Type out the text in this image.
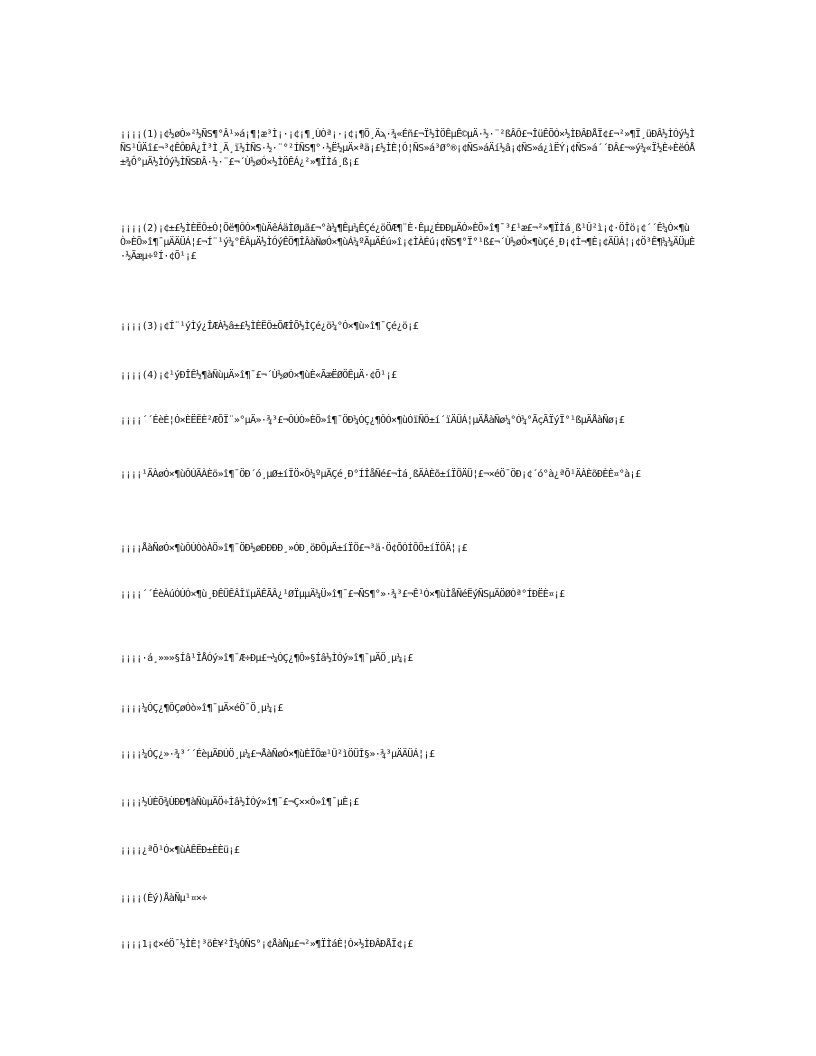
¡¡¡¡(1)¡¢½øÒ»²½ÑS¶°Â¹»á¡¶¦æ³Ì¡·¡¢¡¶¸ÙÒª¡·¡¢¡¶Ö¸Äϡ·¾«Éñ£¬Ï½ÌÖÊµÊ©µÄ·½·¨²ßÂÔ£¬ÎüÊÕÓ×½ÌÐÂÐÅÏ¢£¬²»¶Ï¸üÐÂ½ÌÓý½ÌÑS¹ÛÄî£¬³¢ÊÔÐÂ¿Î³Ì¸Ä¸ï½ÌÑS·½·¨°²ÍÑS¶°·½Ë½µÄ×ªä¡£½ÌÈ¦Ó¦ÑS»á³Ø°®¡¢ÑS»áÄí½â¡¢ÑS»á¿ìËÝ¡¢ÑS»á´´ÐÂ£¬»ý¼«Ï½È÷ÈëÓÅ±¾Ô°µÄ½ÌÓý½ÌÑSÐÂ·½·¨£¬´Ù½øÓ×½ÌÖÊÁ¿²»¶ÏÌá¸ß¡£

¡¡¡¡(2)¡¢±£½ÌÈËÔ±Ó¦Õë¶ÔÓ×¶ùÄêÁäÌØµã£¬°à¼¶Êµ¼ÊÇé¿öÖÆ¶¨È·Êµ¿ÉÐÐµÄÒ»ÈÕ»î¶¯³£¹æ£¬²»¶ÏÌá¸ß¹Û²ì¡¢·ÖÎö¡¢´´Ê¼Ó×¶ùÒ»ÈÕ»î¶¯µÄÄÜÁ¦£¬Í¨¹ý¼°ÊÂµÄ½ÌÓýÊÖ¶ÎÂàÑøÓ×¶ùÁ¼ºÃµÄÉú»î¡¢ÌÀÉú¡¢ÑS¶°Ï°¹ß£¬´Ù½øÓ×¶ùÇé¸Ð¡¢Ì¬¶È¡¢ÄÜÁ¦¡¢Ö³Ê¶¼¼ÄÜµÈ·½Ãæµ÷ºÍ·¢Õ¹¡£

¡¡¡¡(3)¡¢Í¨¹ýÌý¿ÎÆÀ½â±£½ÌÈËÔ±ÕÆÎÕ½ÌÇé¿ö¼°Ó×¶ù»î¶¯Çé¿ö¡£

¡¡¡¡(4)¡¢¹ýÐÎÊ½¶àÑùµÄ»î¶¯£¬´Ù½øÓ×¶ùÈ«ÃæËØÖÊµÄ·¢Õ¹¡£

¡¡¡¡´´ÉèÈ¦Ó×ÈËËÈ²ÆÕÏ¨»°µÄ»·¾³£¬ÔÚÒ»ÈÕ»î¶¯ÖÐ¼ÓÇ¿¶ÔÓ×¶ùÓïÑÔ±í´ïÄÜÁ¦µÄÅàÑø¼°Ó¼°ÃçÃÏýÏ°¹ßµÄÅàÑø¡£

¡¡¡¡¹ÄÀøÓ×¶ùÔÚÄÀÈö»î¶¯ÖÐ´ó¸µØ±íÏÖ×Ô¼ºµÄÇé¸Ð°ÍÎåÑé£¬Ìá¸ßÄÀÈõ±íÏÖÄÜ¦£¬×éÖ¯ÖÐ¡¢´ó°à¿ªÕ¹ÄÀÈõÐÈÈ¤°à¡£

¡¡¡¡ÅàÑøÓ×¶ùÔÚÒòÀÖ»î¶¯ÖÐ½øÐÐÐÐ¸»ÓÐ¸öÐÔµÄ±íÏÖ£¬³ä·Ö¢ÕÓÍÕÕ±íÏÖÄ¦¡£

¡¡¡¡´´ÉèÀúÓÚÓ×¶ù¸ÐÊÜÊÂÎïµÄÊÃÂ¿¹ØÏµµÄ¼Ü»î¶¯£¬ÑS¶°»·¾³£¬Ê¹Ó×¶ùÌåÑéËýÑSµÄÖØÒª°ÍÐËÈ¤¡£

¡¡¡¡·á¸»»»§Íâ¹ÎÅÓý»î¶¯Æ÷Ðµ£¬¼ÓÇ¿¶Ô»§Íâ½ÌÓý»î¶¯µÄÖ¸µ¼¡£

¡¡¡¡¼ÓÇ¿¶ÔÇøÓò»î¶¯µÄ×éÖ¯Ö¸µ¼¡£

¡¡¡¡¼ÓÇ¿»·¾³´´ÉèµÄÐÚÖ¸µ¼£¬ÅàÑøÓ×¶ùÈÏÕæ¹Û²ìÖÜÎ§»·¾³µÄÄÜÁ¦¡£

¡¡¡¡½ÚÈÕ¾ÙÐÐ¶àÑùµÄÖ÷Ìâ½ÌÓý»î¶¯£¬Ç××Ó»î¶¯µÈ¡£

¡¡¡¡¿ªÕ¹Ó×¶ùÀÊËÐ±ÈÈü¡£

¡¡¡¡(Èý)ÅàÑµ¹¤×÷

¡¡¡¡1¡¢×éÖ¯½ÌÈ¦³öÈ¥²Î¼ÓÑS°¡¢ÅàÑµ£¬²»¶ÏÌáÈ¦Ó×½ÌÐÂÐÅÏ¢¡£
